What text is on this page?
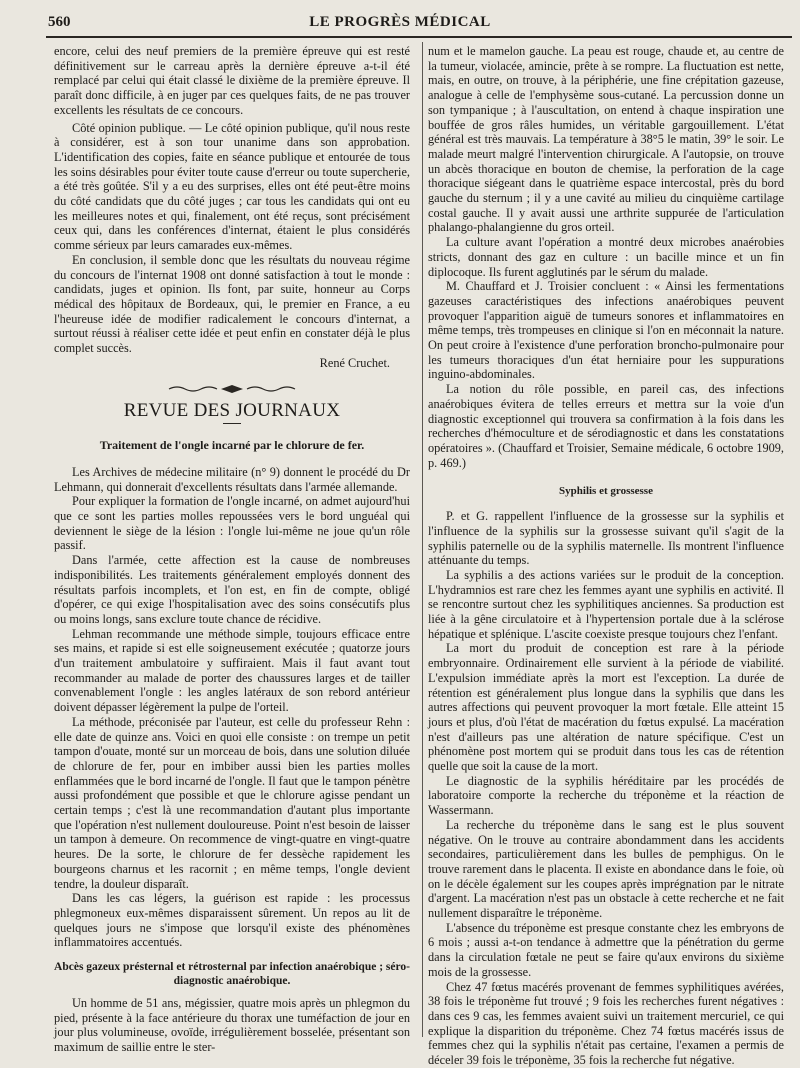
560	LE PROGRÈS MÉDICAL

encore, celui des neuf premiers de la première épreuve qui est resté définitivement sur le carreau après la dernière épreuve a-t-il été remplacé par celui qui était classé le dixième de la première épreuve. Il paraît donc difficile, à en juger par ces quelques faits, de ne pas trouver excellents les résultats de ce concours.

Côté opinion publique. — Le côté opinion publique, qu'il nous reste à considérer, est à son tour unanime dans son approbation. L'identification des copies, faite en séance publique et entourée de tous les soins désirables pour éviter toute cause d'erreur ou toute supercherie, a été très goûtée. S'il y a eu des surprises, elles ont été peut-être moins du côté candidats que du côté juges ; car tous les candidats qui ont eu les meilleures notes et qui, finalement, ont été reçus, sont précisément ceux qui, dans les conférences d'internat, étaient le plus considérés comme sérieux par leurs camarades eux-mêmes.

En conclusion, il semble donc que les résultats du nouveau régime du concours de l'internat 1908 ont donné satisfaction à tout le monde : candidats, juges et opinion. Ils font, par suite, honneur au Corps médical des hôpitaux de Bordeaux, qui, le premier en France, a eu l'heureuse idée de modifier radicalement le concours d'internat, a surtout réussi à réaliser cette idée et peut enfin en constater déjà le plus complet succès.

René Cruchet.
REVUE DES JOURNAUX
Traitement de l'ongle incarné par le chlorure de fer.

Les Archives de médecine militaire (n° 9) donnent le procédé du Dr Lehmann, qui donnerait d'excellents résultats dans l'armée allemande.

Pour expliquer la formation de l'ongle incarné, on admet aujourd'hui que ce sont les parties molles repoussées vers le bord unguéal qui deviennent le siège de la lésion : l'ongle lui-même ne joue qu'un rôle passif.

Dans l'armée, cette affection est la cause de nombreuses indisponibilités. Les traitements généralement employés donnent des résultats parfois incomplets, et l'on est, en fin de compte, obligé d'opérer, ce qui exige l'hospitalisation avec des soins consécutifs plus ou moins longs, sans exclure toute chance de récidive.

Lehman recommande une méthode simple, toujours efficace entre ses mains, et rapide si est elle soigneusement exécutée ; quatorze jours d'un traitement ambulatoire y suffiraient. Mais il faut avant tout recommander au malade de porter des chaussures larges et de tailler convenablement l'ongle : les angles latéraux de son rebord antérieur doivent dépasser légèrement la pulpe de l'orteil.

La méthode, préconisée par l'auteur, est celle du professeur Rehn : elle date de quinze ans. Voici en quoi elle consiste : on trempe un petit tampon d'ouate, monté sur un morceau de bois, dans une solution diluée de chlorure de fer, pour en imbiber aussi bien les parties molles enflammées que le bord incarné de l'ongle. Il faut que le tampon pénètre aussi profondément que possible et que le chlorure agisse pendant un certain temps ; c'est là une recommandation d'autant plus importante que l'opération n'est nullement douloureuse. Point n'est besoin de laisser un tampon à demeure. On recommence de vingt-quatre en vingt-quatre heures. De la sorte, le chlorure de fer dessèche rapidement les bourgeons charnus et les racornit ; en même temps, l'ongle devient tendre, la douleur disparaît.

Dans les cas légers, la guérison est rapide : les processus phlegmoneux eux-mêmes disparaissent sûrement. Un repos au lit de quelques jours ne s'impose que lorsqu'il existe des phénomènes inflammatoires accentués.

Abcès gazeux présternal et rétrosternal par infection anaérobique ; séro-diagnostic anaérobique.

Un homme de 51 ans, mégissier, quatre mois après un phlegmon du pied, présente à la face antérieure du thorax une tuméfaction de jour en jour plus volumineuse, ovoïde, irrégulièrement bosselée, présentant son maximum de saillie entre le ster-

num et le mamelon gauche. La peau est rouge, chaude et, au centre de la tumeur, violacée, amincie, prête à se rompre. La fluctuation est nette, mais, en outre, on trouve, à la périphérie, une fine crépitation gazeuse, analogue à celle de l'emphysème sous-cutané. La percussion donne un son tympanique ; à l'auscultation, on entend à chaque inspiration une bouffée de gros râles humides, un véritable gargouillement. L'état général est très mauvais. La température à 38°5 le matin, 39° le soir. Le malade meurt malgré l'intervention chirurgicale. A l'autopsie, on trouve un abcès thoracique en bouton de chemise, la perforation de la cage thoracique siégeant dans le quatrième espace intercostal, près du bord gauche du sternum ; il y a une cavité au milieu du cinquième cartilage costal gauche. Il y avait aussi une arthrite suppurée de l'articulation phalango-phalangienne du gros orteil.

La culture avant l'opération a montré deux microbes anaérobies stricts, donnant des gaz en culture : un bacille mince et un fin diplocoque. Ils furent agglutinés par le sérum du malade.

M. Chauffard et J. Troisier concluent : « Ainsi les fermentations gazeuses caractéristiques des infections anaérobiques peuvent provoquer l'apparition aiguë de tumeurs sonores et inflammatoires en même temps, très trompeuses en clinique si l'on en méconnait la nature. On peut croire à l'existence d'une perforation broncho-pulmonaire pour les tumeurs thoraciques d'un état herniaire pour les suppurations inguino-abdominales.

La notion du rôle possible, en pareil cas, des infections anaérobiques évitera de telles erreurs et mettra sur la voie d'un diagnostic exceptionnel qui trouvera sa confirmation à la fois dans les recherches d'hémoculture et de sérodiagnostic et dans les constatations opératoires ». (Chauffard et Troisier, Semaine médicale, 6 octobre 1909, p. 469.)

Syphilis et grossesse

P. et G. rappellent l'influence de la grossesse sur la syphilis et l'influence de la syphilis sur la grossesse suivant qu'il s'agit de la syphilis paternelle ou de la syphilis maternelle. Ils montrent l'influence atténuante du temps.

La syphilis a des actions variées sur le produit de la conception. L'hydramnios est rare chez les femmes ayant une syphilis en activité. Il se rencontre surtout chez les syphilitiques anciennes. Sa production est liée à la gêne circulatoire et à l'hypertension portale due à la sclérose hépatique et splénique. L'ascite coexiste presque toujours chez l'enfant.

La mort du produit de conception est rare à la période embryonnaire. Ordinairement elle survient à la période de viabilité. L'expulsion immédiate après la mort est l'exception. La durée de rétention est généralement plus longue dans la syphilis que dans les autres affections qui peuvent provoquer la mort fœtale. Elle atteint 15 jours et plus, d'où l'état de macération du fœtus expulsé. La macération n'est d'ailleurs pas une altération de nature spécifique. C'est un phénomène post mortem qui se produit dans tous les cas de rétention quelle que soit la cause de la mort.

Le diagnostic de la syphilis héréditaire par les procédés de laboratoire comporte la recherche du tréponème et la réaction de Wassermann.

La recherche du tréponème dans le sang est le plus souvent négative. On le trouve au contraire abondamment dans les accidents secondaires, particulièrement dans les bulles de pemphigus. On le trouve rarement dans le placenta. Il existe en abondance dans le foie, où on le décèle également sur les coupes après imprégnation par le nitrate d'argent. La macération n'est pas un obstacle à cette recherche et ne fait nullement disparaître le tréponème.

L'absence du tréponème est presque constante chez les embryons de 6 mois ; aussi a-t-on tendance à admettre que la pénétration du germe dans la circulation fœtale ne peut se faire qu'aux environs du sixième mois de la grossesse.

Chez 47 fœtus macérés provenant de femmes syphilitiques avérées, 38 fois le tréponème fut trouvé ; 9 fois les recherches furent négatives : dans ces 9 cas, les femmes avaient suivi un traitement mercuriel, ce qui explique la disparition du tréponème. Chez 74 fœtus macérés issus de femmes chez qui la syphilis n'était pas certaine, l'examen a permis de déceler 39 fois le tréponème, 35 fois la recherche fut négative.
